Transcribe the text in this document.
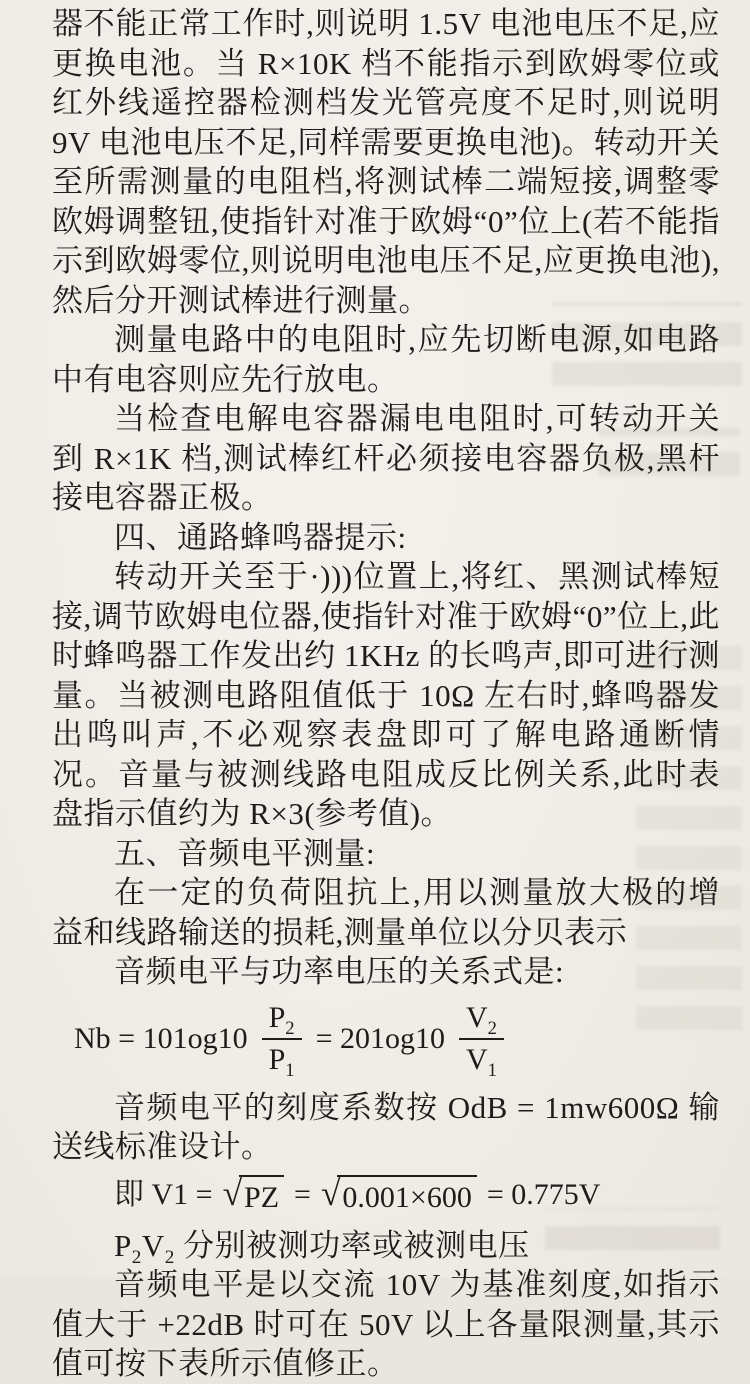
器不能正常工作时,则说明 1.5V 电池电压不足,应更换电池。当 R×10K 档不能指示到欧姆零位或红外线遥控器检测档发光管亮度不足时,则说明 9V 电池电压不足,同样需要更换电池)。转动开关至所需测量的电阻档,将测试棒二端短接,调整零欧姆调整钮,使指针对准于欧姆“0”位上(若不能指示到欧姆零位,则说明电池电压不足,应更换电池),然后分开测试棒进行测量。

测量电路中的电阻时,应先切断电源,如电路中有电容则应先行放电。

当检查电解电容器漏电电阻时,可转动开关到 R×1K 档,测试棒红杆必须接电容器负极,黑杆接电容器正极。

四、通路蜂鸣器提示:

转动开关至于·)))位置上,将红、黑测试棒短接,调节欧姆电位器,使指针对准于欧姆“0”位上,此时蜂鸣器工作发出约 1KHz 的长鸣声,即可进行测量。当被测电路阻值低于 10Ω 左右时,蜂鸣器发出鸣叫声,不必观察表盘即可了解电路通断情况。音量与被测线路电阻成反比例关系,此时表盘指示值约为 R×3(参考值)。

五、音频电平测量:

在一定的负荷阻抗上,用以测量放大极的增益和线路输送的损耗,测量单位以分贝表示

音频电平与功率电压的关系式是:

$Nb = 101og10 \frac{P_2}{P_1} = 201og10 \frac{V_2}{V_1}$

音频电平的刻度系数按 OdB = 1mw600Ω 输送线标准设计。

即 V1 = √ PZ = √ 0.001×600 = 0.775V

$P_2V_2$ 分别被测功率或被测电压

音频电平是以交流 10V 为基准刻度,如指示值大于 +22dB 时可在 50V 以上各量限测量,其示值可按下表所示值修正。
